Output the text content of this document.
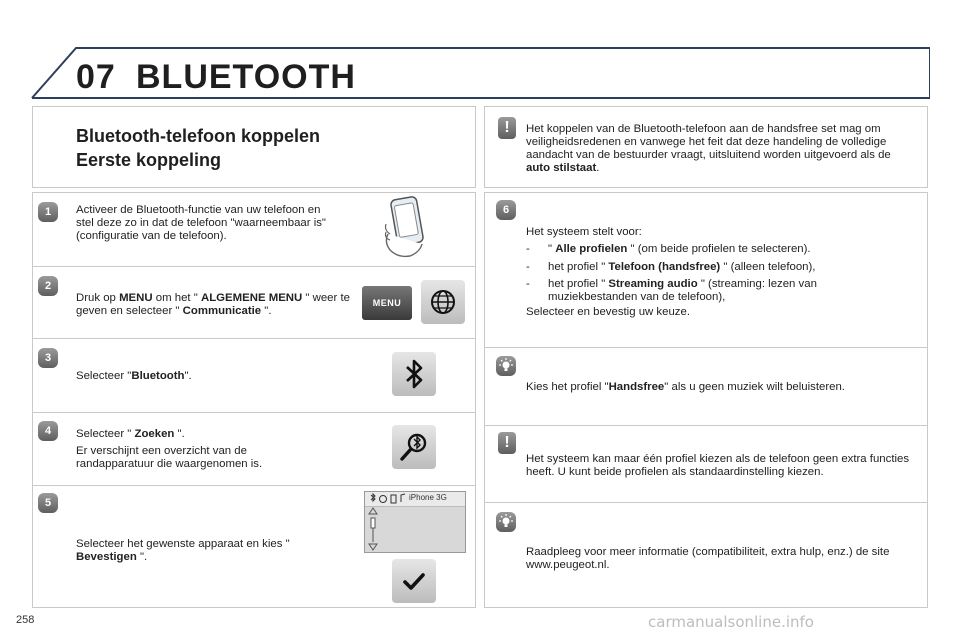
07 BLUETOOTH
Bluetooth-telefoon koppelen
Eerste koppeling
1	Activeer de Bluetooth-functie van uw telefoon en stel deze zo in dat de telefoon "waarneembaar is" (configuratie van de telefoon).
2
Druk op MENU om het " ALGEMENE MENU " weer te geven en selecteer " Communicatie ".
MENU
3
Selecteer "Bluetooth".
4	Selecteer " Zoeken ".
Er verschijnt een overzicht van de randapparatuur die waargenomen is.
5
Selecteer het gewenste apparaat en kies " Bevestigen ".
iPhone 3G
!	Het koppelen van de Bluetooth-telefoon aan de handsfree set mag om veiligheidsredenen en vanwege het feit dat deze handeling de volledige aandacht van de bestuurder vraagt, uitsluitend worden uitgevoerd als de auto stilstaat.
6
Het systeem stelt voor:
- " Alle profielen " (om beide profielen te selecteren).
- het profiel " Telefoon (handsfree) " (alleen telefoon),
- het profiel " Streaming audio " (streaming: lezen van muziekbestanden van de telefoon),
Selecteer en bevestig uw keuze.
Kies het profiel "Handsfree" als u geen muziek wilt beluisteren.
!
Het systeem kan maar één profiel kiezen als de telefoon geen extra functies heeft. U kunt beide profielen als standaardinstelling kiezen.
Raadpleeg voor meer informatie (compatibiliteit, extra hulp, enz.) de site www.peugeot.nl.
258	carmanualsonline.info
